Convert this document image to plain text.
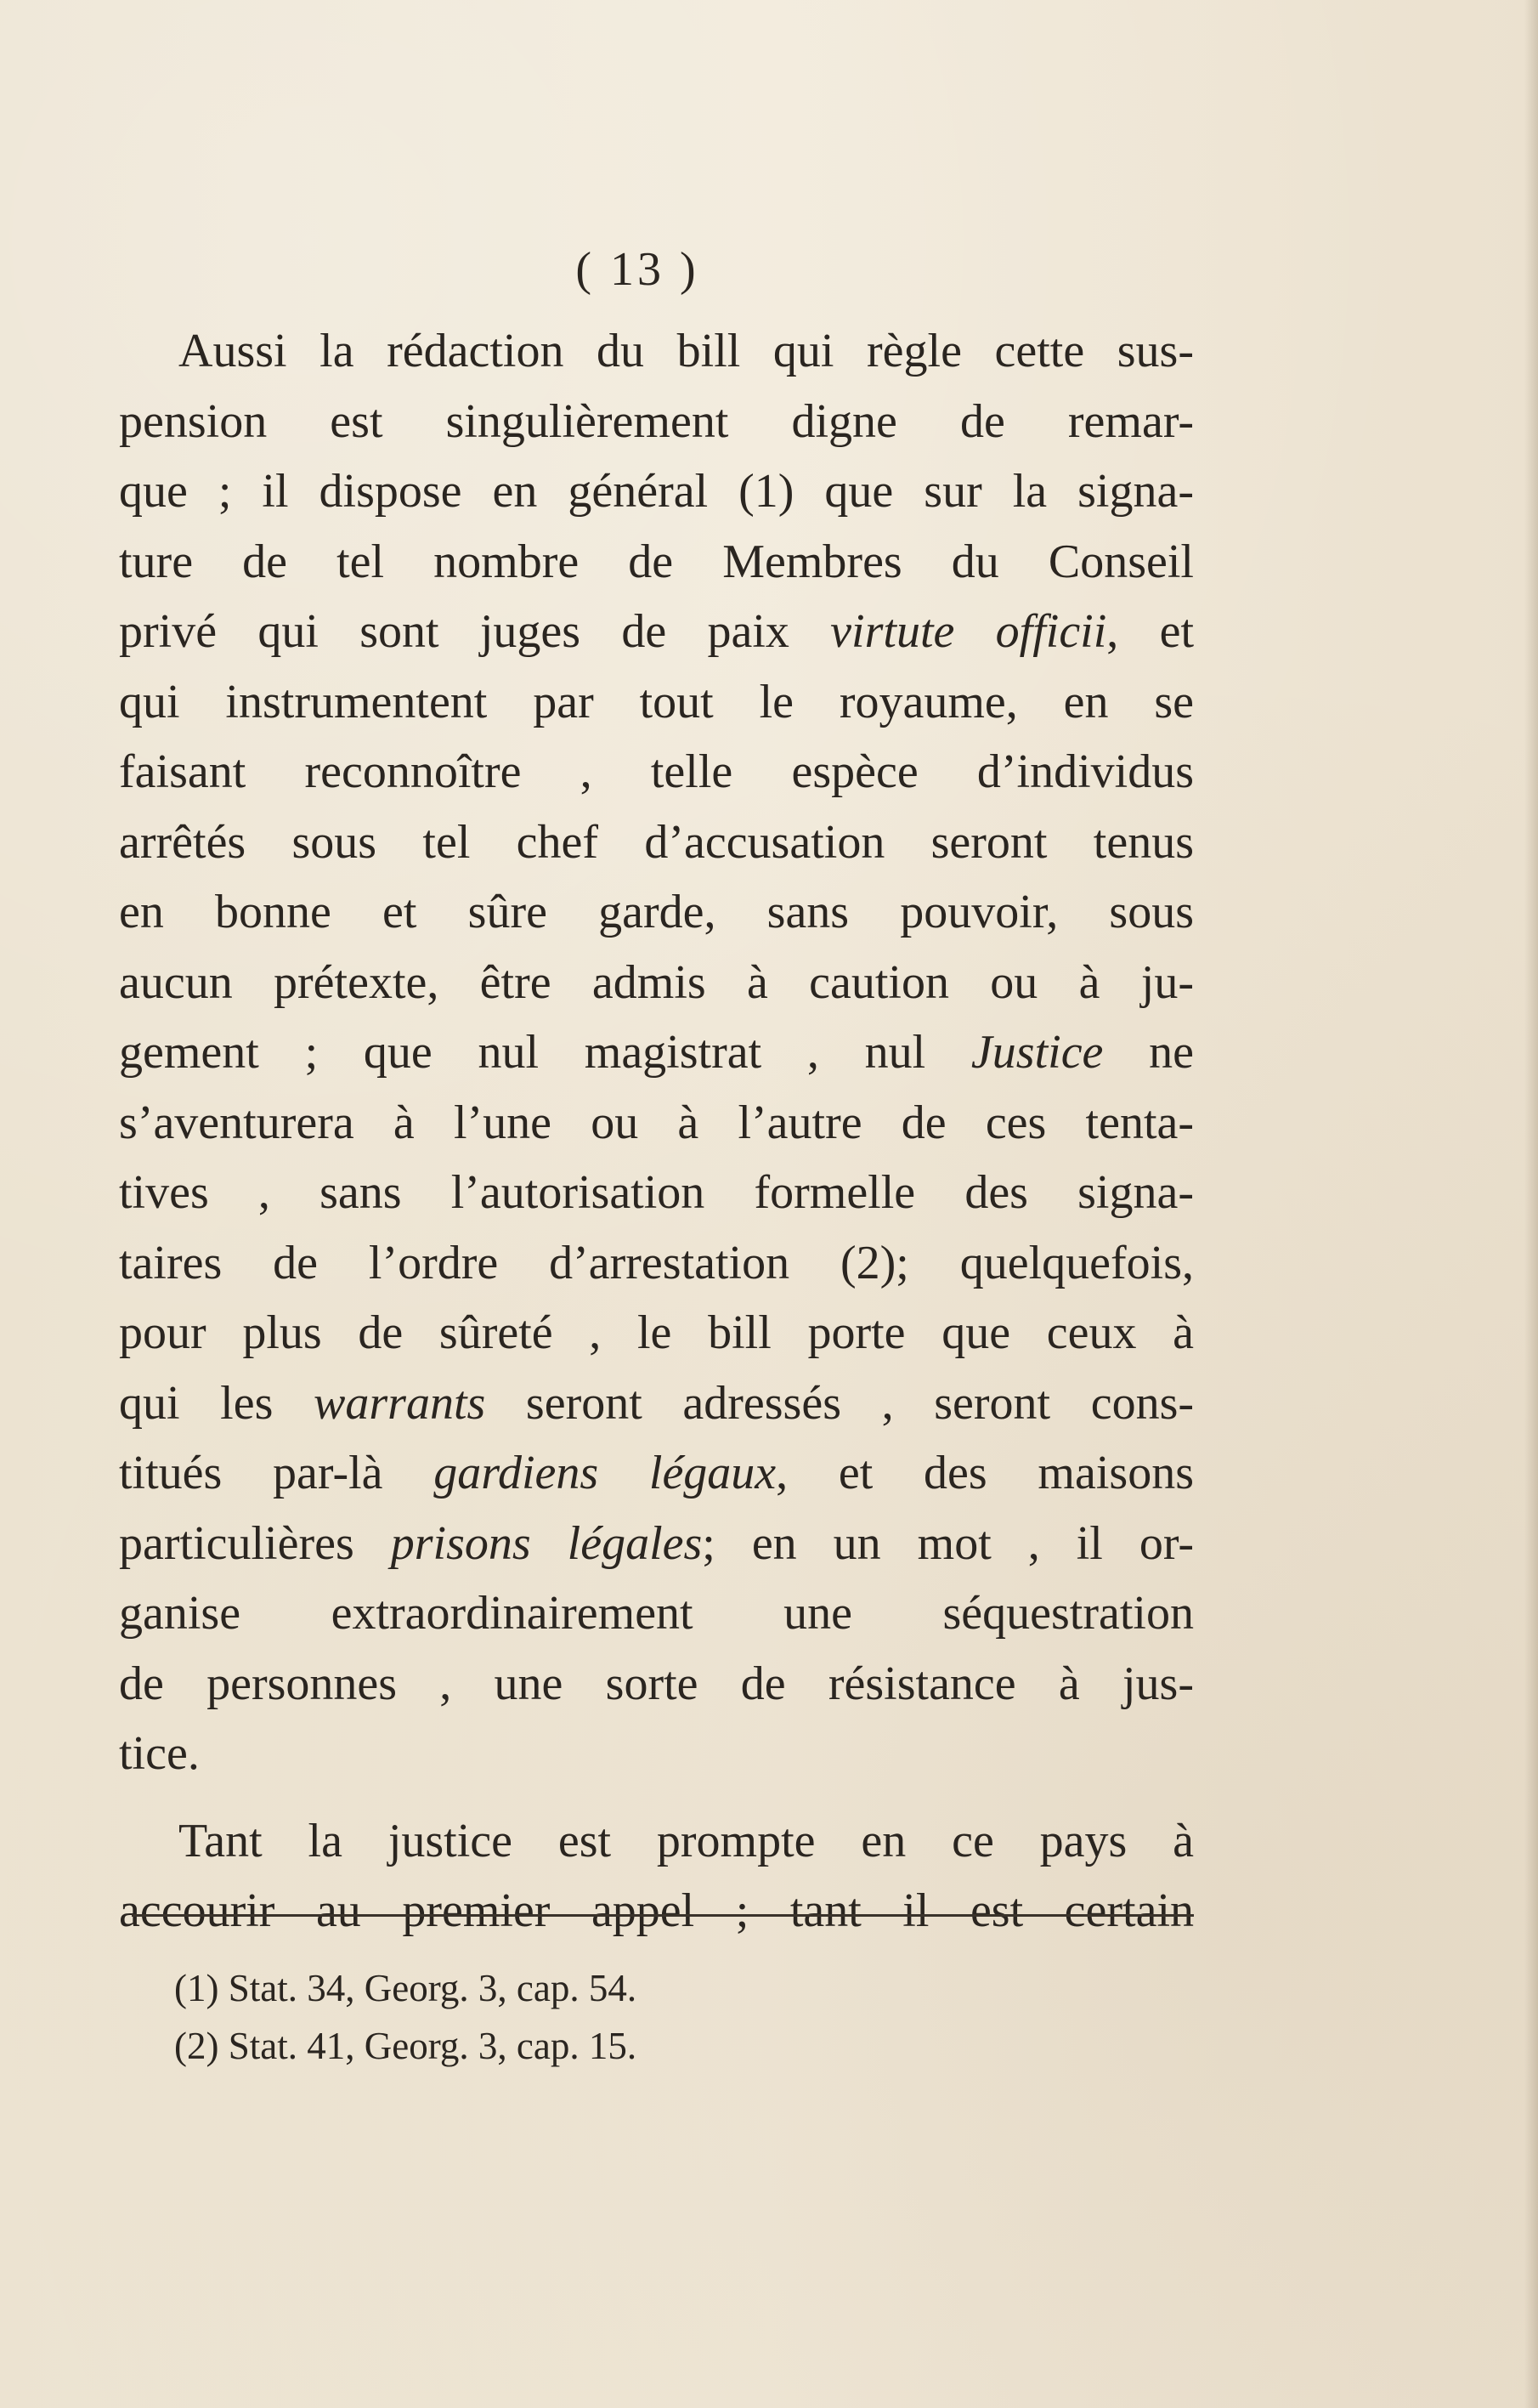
( 13 )
Aussi la rédaction du bill qui règle cette sus-
pension est singulièrement digne de remar-
que ; il dispose en général (1) que sur la signa-
ture de tel nombre de Membres du Conseil
privé qui sont juges de paix virtute officii, et
qui instrumentent par tout le royaume, en se
faisant reconnoître , telle espèce d’individus
arrêtés sous tel chef d’accusation seront tenus
en bonne et sûre garde, sans pouvoir, sous
aucun prétexte, être admis à caution ou à ju-
gement ; que nul magistrat , nul Justice ne
s’aventurera à l’une ou à l’autre de ces tenta-
tives , sans l’autorisation formelle des signa-
taires de l’ordre d’arrestation (2); quelquefois,
pour plus de sûreté , le bill porte que ceux à
qui les warrants seront adressés , seront cons-
titués par-là gardiens légaux, et des maisons
particulières prisons légales; en un mot , il or-
ganise extraordinairement une séquestration
de personnes , une sorte de résistance à jus-
tice.
Tant la justice est prompte en ce pays à
accourir au premier appel ; tant il est certain
(1) Stat. 34, Georg. 3, cap. 54.
(2) Stat. 41, Georg. 3, cap. 15.
